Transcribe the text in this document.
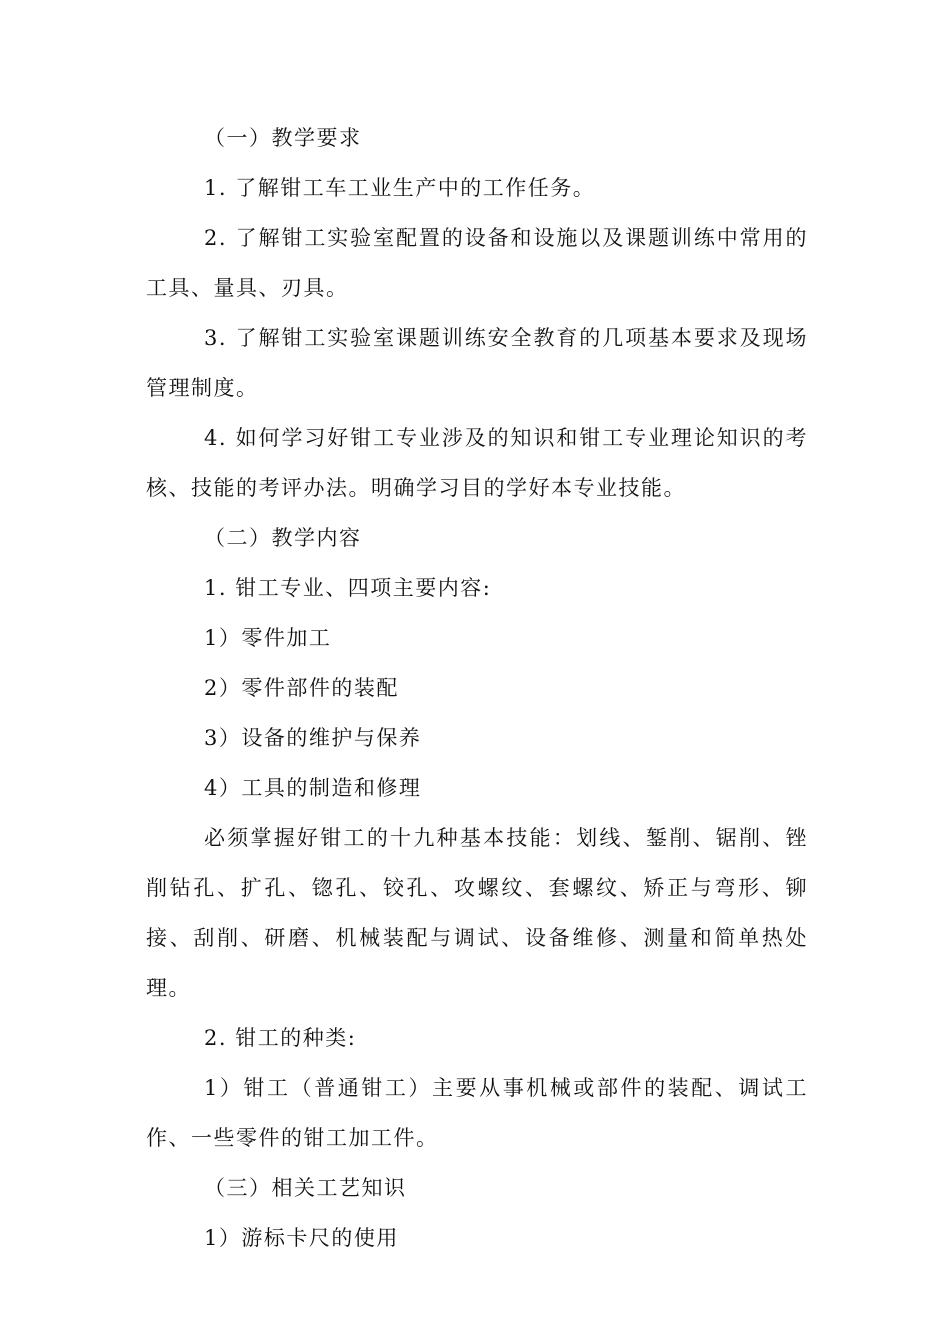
（一）教学要求

1. 了解钳工车工业生产中的工作任务。

2. 了解钳工实验室配置的设备和设施以及课题训练中常用的工具、量具、刃具。

3. 了解钳工实验室课题训练安全教育的几项基本要求及现场管理制度。

4. 如何学习好钳工专业涉及的知识和钳工专业理论知识的考核、技能的考评办法。明确学习目的学好本专业技能。

（二）教学内容

1. 钳工专业、四项主要内容:

1）零件加工

2）零件部件的装配

3）设备的维护与保养

4）工具的制造和修理

必须掌握好钳工的十九种基本技能：划线、錾削、锯削、锉削钻孔、扩孔、锪孔、铰孔、攻螺纹、套螺纹、矫正与弯形、铆接、刮削、研磨、机械装配与调试、设备维修、测量和简单热处理。

2. 钳工的种类:

1）钳工（普通钳工）主要从事机械或部件的装配、调试工作、一些零件的钳工加工件。

（三）相关工艺知识

1）游标卡尺的使用
